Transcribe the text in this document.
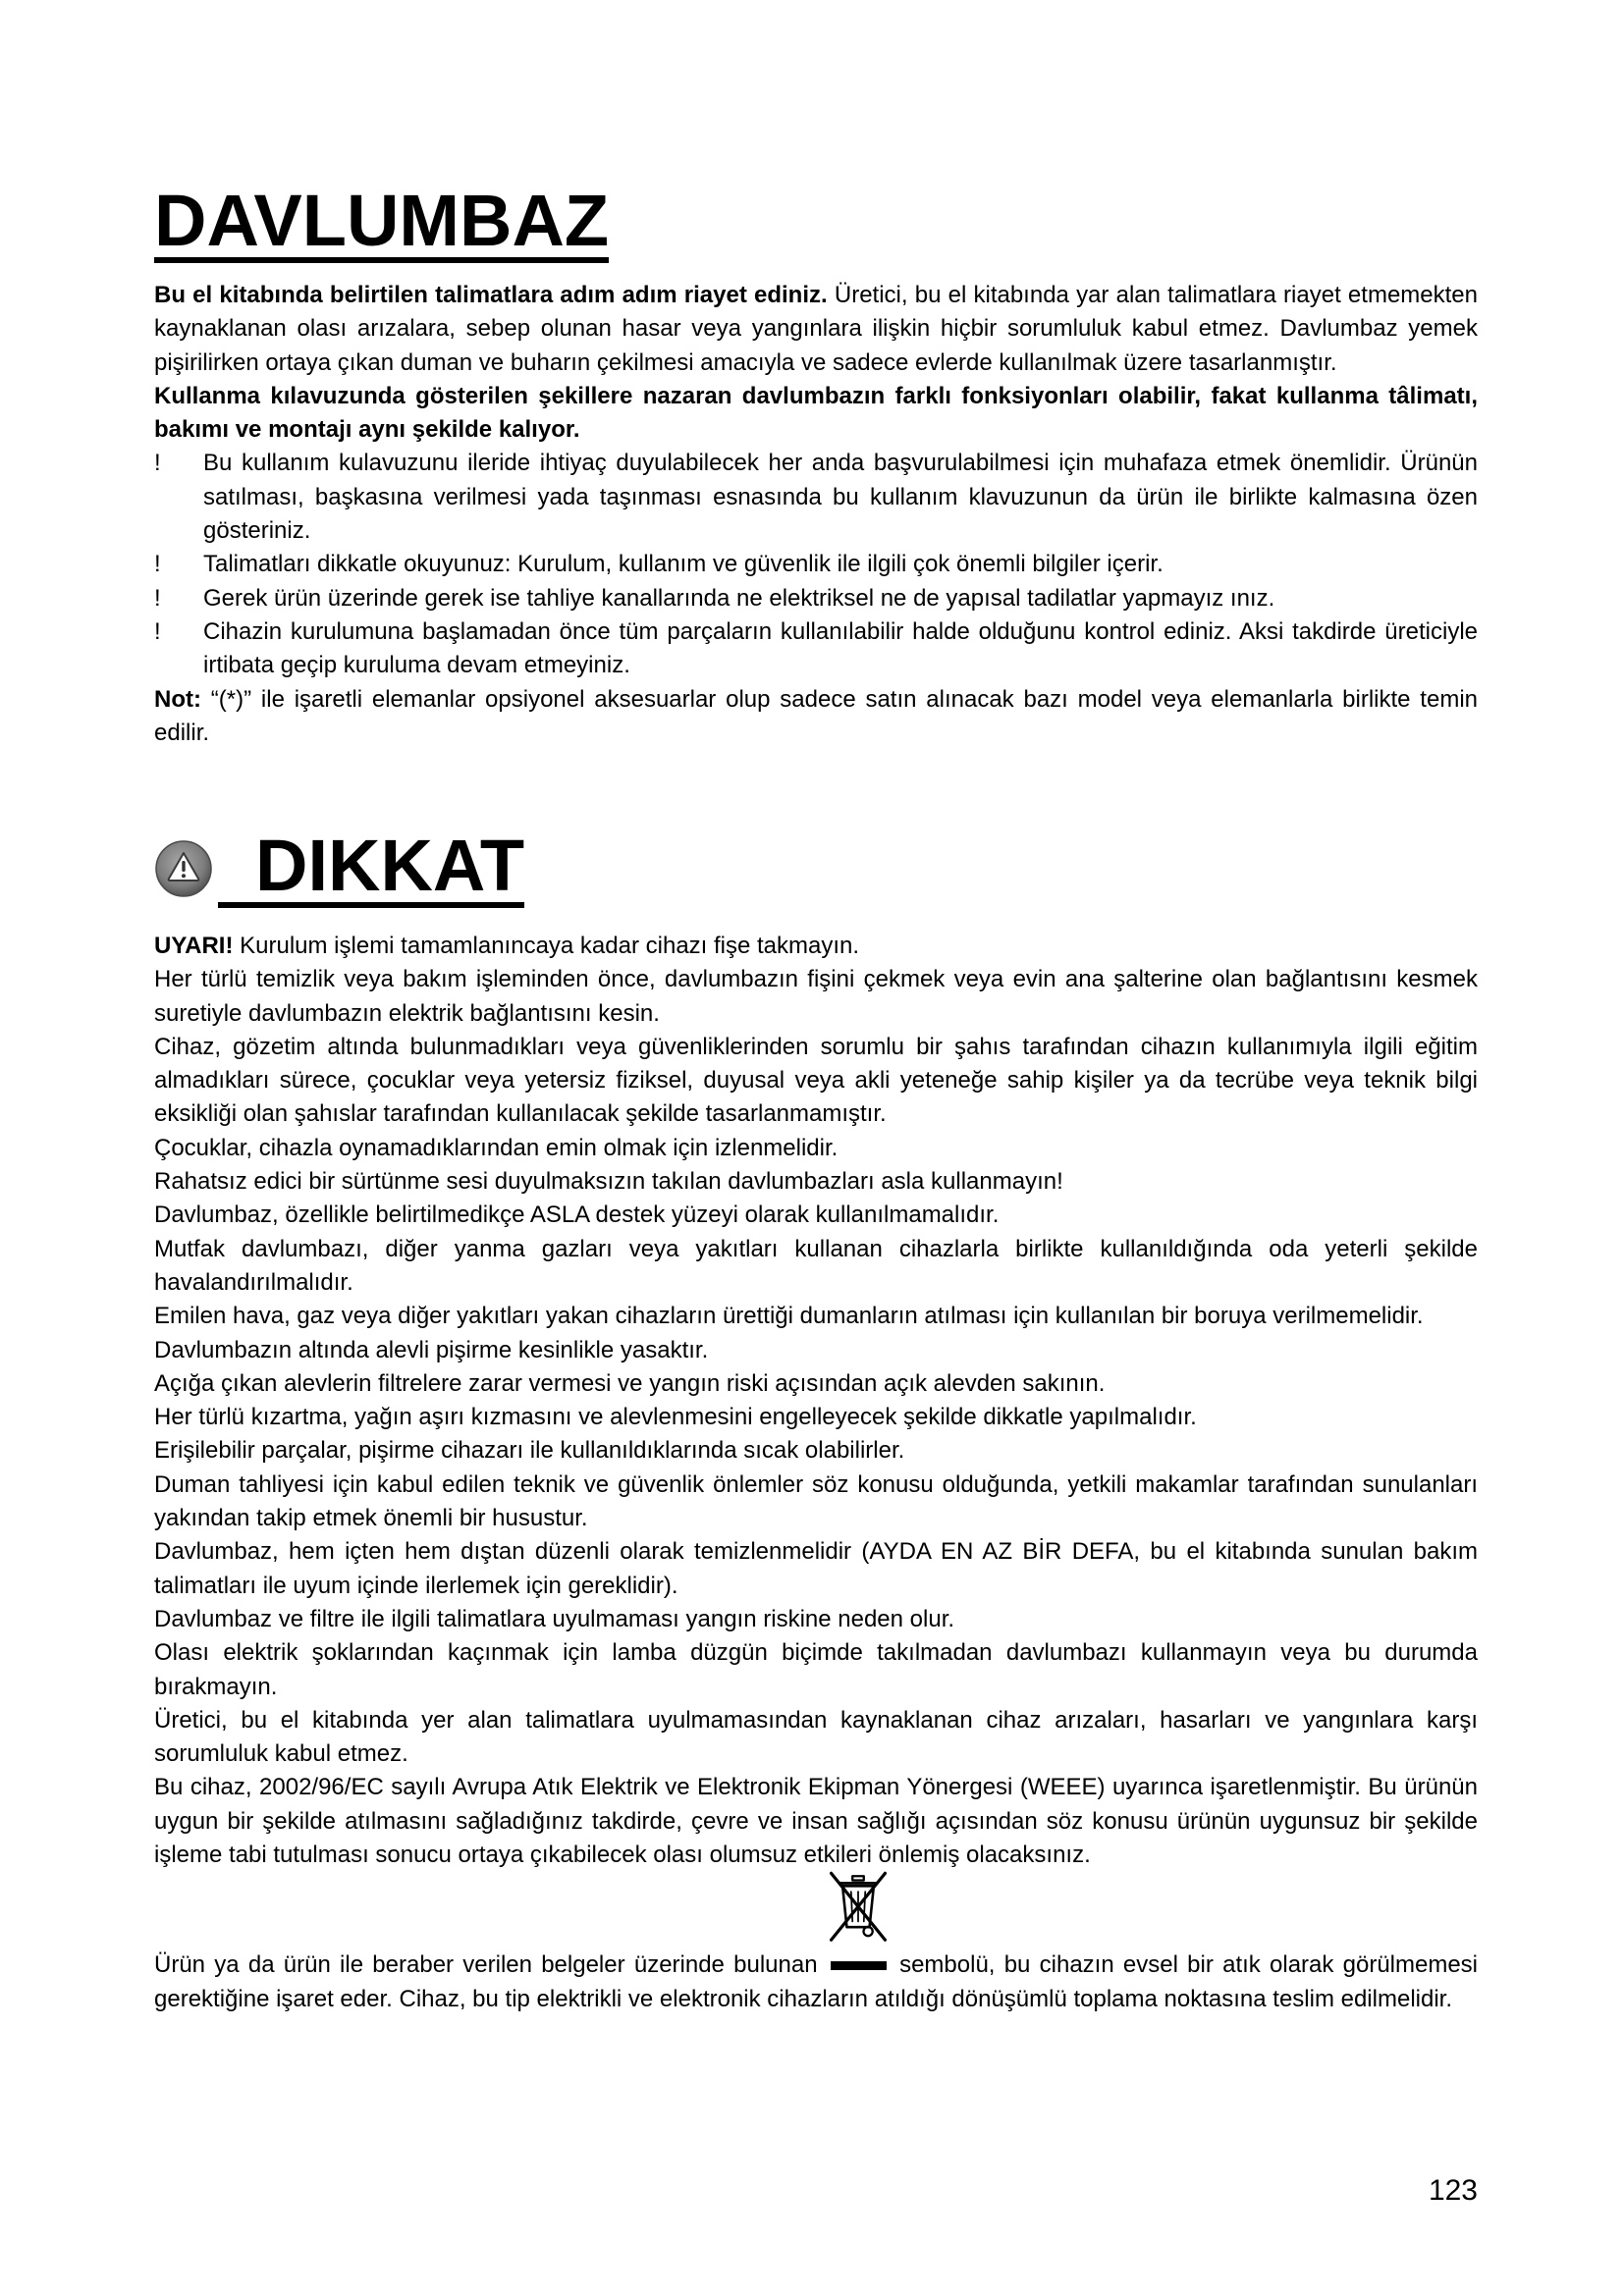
DAVLUMBAZ

Bu el kitabında belirtilen talimatlara adım adım riayet ediniz. Üretici, bu el kitabında yar alan talimatlara riayet etmemekten kaynaklanan olası arızalara, sebep olunan hasar veya yangınlara ilişkin hiçbir sorumluluk kabul etmez. Davlumbaz yemek pişirilirken ortaya çıkan duman ve buharın çekilmesi amacıyla ve sadece evlerde kullanılmak üzere tasarlanmıştır.

Kullanma kılavuzunda gösterilen şekillere nazaran davlumbazın farklı fonksiyonları olabilir, fakat kullanma tâlimatı, bakımı ve montajı aynı şekilde kalıyor.

!	Bu kullanım kulavuzunu ileride ihtiyaç duyulabilecek her anda başvurulabilmesi için muhafaza etmek önemlidir. Ürünün satılması, başkasına verilmesi yada taşınması esnasında bu kullanım klavuzunun da ürün ile birlikte kalmasına özen gösteriniz.
!	Talimatları dikkatle okuyunuz: Kurulum, kullanım ve güvenlik ile ilgili çok önemli bilgiler içerir.
!	Gerek ürün üzerinde gerek ise tahliye kanallarında ne elektriksel ne de yapısal tadilatlar yapmayız ınız.
!	Cihazin kurulumuna başlamadan önce tüm parçaların kullanılabilir halde olduğunu kontrol ediniz. Aksi takdirde üreticiyle irtibata geçip kuruluma devam etmeyiniz.

Not: “(*)” ile işaretli elemanlar opsiyonel aksesuarlar olup sadece satın alınacak bazı model veya elemanlarla birlikte temin edilir.

DIKKAT

UYARI! Kurulum işlemi tamamlanıncaya kadar cihazı fişe takmayın.

Her türlü temizlik veya bakım işleminden önce, davlumbazın fişini çekmek veya evin ana şalterine olan bağlantısını kesmek suretiyle davlumbazın elektrik bağlantısını kesin.

Cihaz, gözetim altında bulunmadıkları veya güvenliklerinden sorumlu bir şahıs tarafından cihazın kullanımıyla ilgili eğitim almadıkları sürece, çocuklar veya yetersiz fiziksel, duyusal veya akli yeteneğe sahip kişiler ya da tecrübe veya teknik bilgi eksikliği olan şahıslar tarafından kullanılacak şekilde tasarlanmamıştır.

Çocuklar, cihazla oynamadıklarından emin olmak için izlenmelidir.

Rahatsız edici bir sürtünme sesi duyulmaksızın takılan davlumbazları asla kullanmayın!

Davlumbaz, özellikle belirtilmedikçe ASLA destek yüzeyi olarak kullanılmamalıdır.

Mutfak davlumbazı, diğer yanma gazları veya yakıtları kullanan cihazlarla birlikte kullanıldığında oda yeterli şekilde havalandırılmalıdır.

Emilen hava, gaz veya diğer yakıtları yakan cihazların ürettiği dumanların atılması için kullanılan bir boruya verilmemelidir.

Davlumbazın altında alevli pişirme kesinlikle yasaktır.

Açığa çıkan alevlerin filtrelere zarar vermesi ve yangın riski açısından açık alevden sakının.

Her türlü kızartma, yağın aşırı kızmasını ve alevlenmesini engelleyecek şekilde dikkatle yapılmalıdır.

Erişilebilir parçalar, pişirme cihazarı ile kullanıldıklarında sıcak olabilirler.

Duman tahliyesi için kabul edilen teknik ve güvenlik önlemler söz konusu olduğunda, yetkili makamlar tarafından sunulanları yakından takip etmek önemli bir husustur.

Davlumbaz, hem içten hem dıştan düzenli olarak temizlenmelidir (AYDA EN AZ BİR DEFA, bu el kitabında sunulan bakım talimatları ile uyum içinde ilerlemek için gereklidir).

Davlumbaz ve filtre ile ilgili talimatlara uyulmaması yangın riskine neden olur.

Olası elektrik şoklarından kaçınmak için lamba düzgün biçimde takılmadan davlumbazı kullanmayın veya bu durumda bırakmayın.

Üretici, bu el kitabında yer alan talimatlara uyulmamasından kaynaklanan cihaz arızaları, hasarları ve yangınlara karşı sorumluluk kabul etmez.

Bu cihaz, 2002/96/EC sayılı Avrupa Atık Elektrik ve Elektronik Ekipman Yönergesi (WEEE) uyarınca işaretlenmiştir. Bu ürünün uygun bir şekilde atılmasını sağladığınız takdirde, çevre ve insan sağlığı açısından söz konusu ürünün uygunsuz bir şekilde işleme tabi tutulması sonucu ortaya çıkabilecek olası olumsuz etkileri önlemiş olacaksınız.

Ürün ya da ürün ile beraber verilen belgeler üzerinde bulunan	sembolü, bu cihazın evsel bir atık olarak görülmemesi gerektiğine işaret eder. Cihaz, bu tip elektrikli ve elektronik cihazların atıldığı dönüşümlü toplama noktasına teslim edilmelidir.

123
